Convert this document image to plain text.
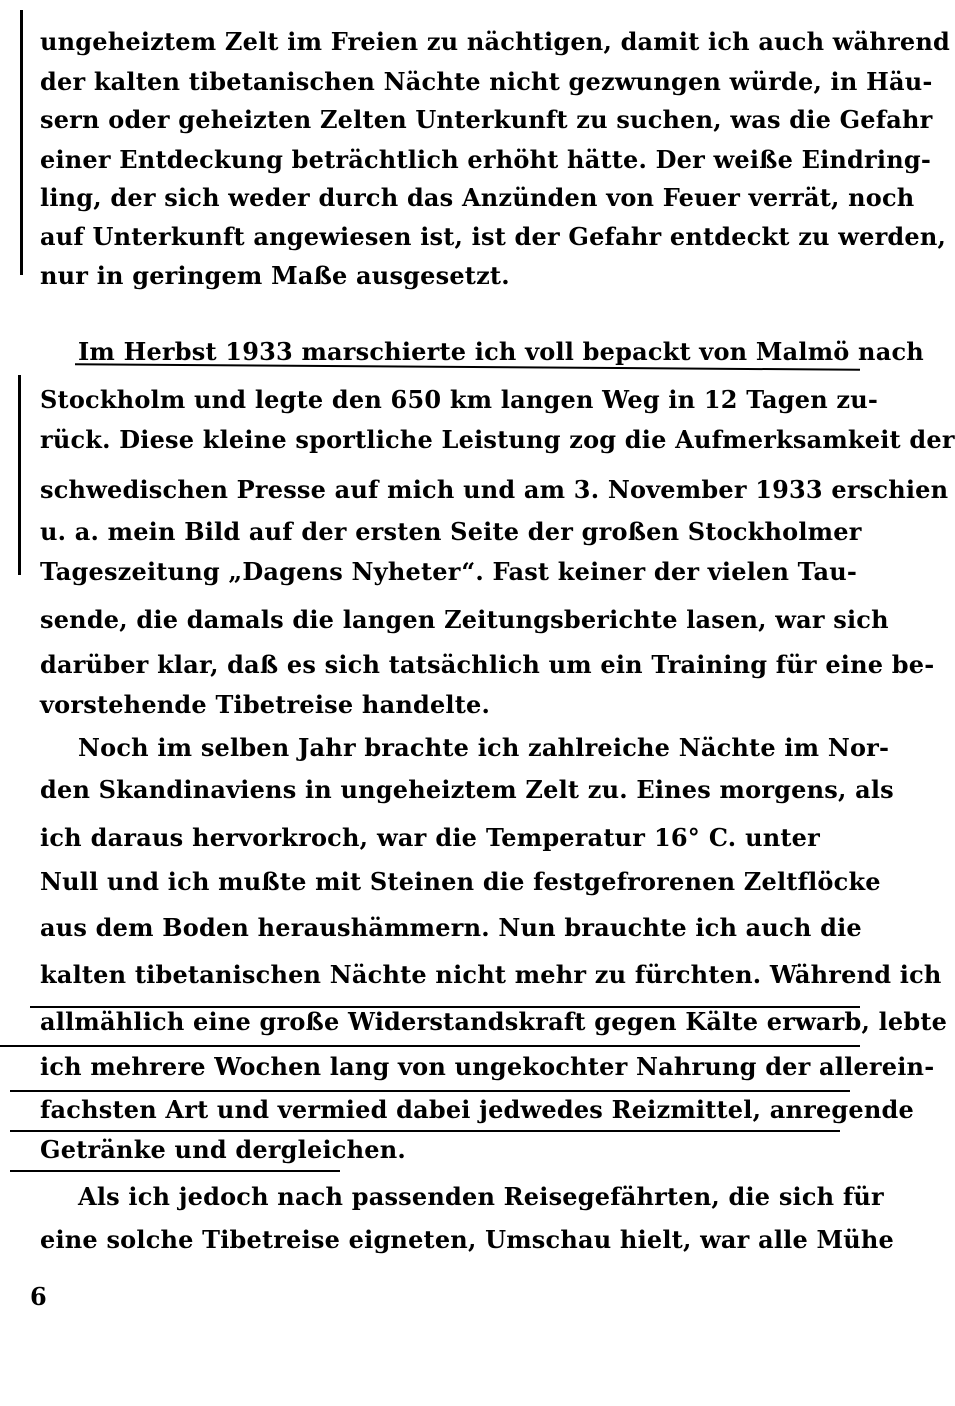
ungeheiztem Zelt im Freien zu nächtigen, damit ich auch während
der kalten tibetanischen Nächte nicht gezwungen würde, in Häu-
sern oder geheizten Zelten Unterkunft zu suchen, was die Gefahr
einer Entdeckung beträchtlich erhöht hätte. Der weiße Eindring-
ling, der sich weder durch das Anzünden von Feuer verrät, noch
auf Unterkunft angewiesen ist, ist der Gefahr entdeckt zu werden,
nur in geringem Maße ausgesetzt.
Im Herbst 1933 marschierte ich voll bepackt von Malmö nach
Stockholm und legte den 650 km langen Weg in 12 Tagen zu-
rück. Diese kleine sportliche Leistung zog die Aufmerksamkeit der
schwedischen Presse auf mich und am 3. November 1933 erschien
u. a. mein Bild auf der ersten Seite der großen Stockholmer
Tageszeitung „Dagens Nyheter“. Fast keiner der vielen Tau-
sende, die damals die langen Zeitungsberichte lasen, war sich
darüber klar, daß es sich tatsächlich um ein Training für eine be-
vorstehende Tibetreise handelte.
Noch im selben Jahr brachte ich zahlreiche Nächte im Nor-
den Skandinaviens in ungeheiztem Zelt zu. Eines morgens, als
ich daraus hervorkroch, war die Temperatur 16° C. unter
Null und ich mußte mit Steinen die festgefrorenen Zeltflöcke
aus dem Boden heraushämmern. Nun brauchte ich auch die
kalten tibetanischen Nächte nicht mehr zu fürchten. Während ich
allmählich eine große Widerstandskraft gegen Kälte erwarb, lebte
ich mehrere Wochen lang von ungekochter Nahrung der allerein-
fachsten Art und vermied dabei jedwedes Reizmittel, anregende
Getränke und dergleichen.
Als ich jedoch nach passenden Reisegefährten, die sich für
eine solche Tibetreise eigneten, Umschau hielt, war alle Mühe
6
